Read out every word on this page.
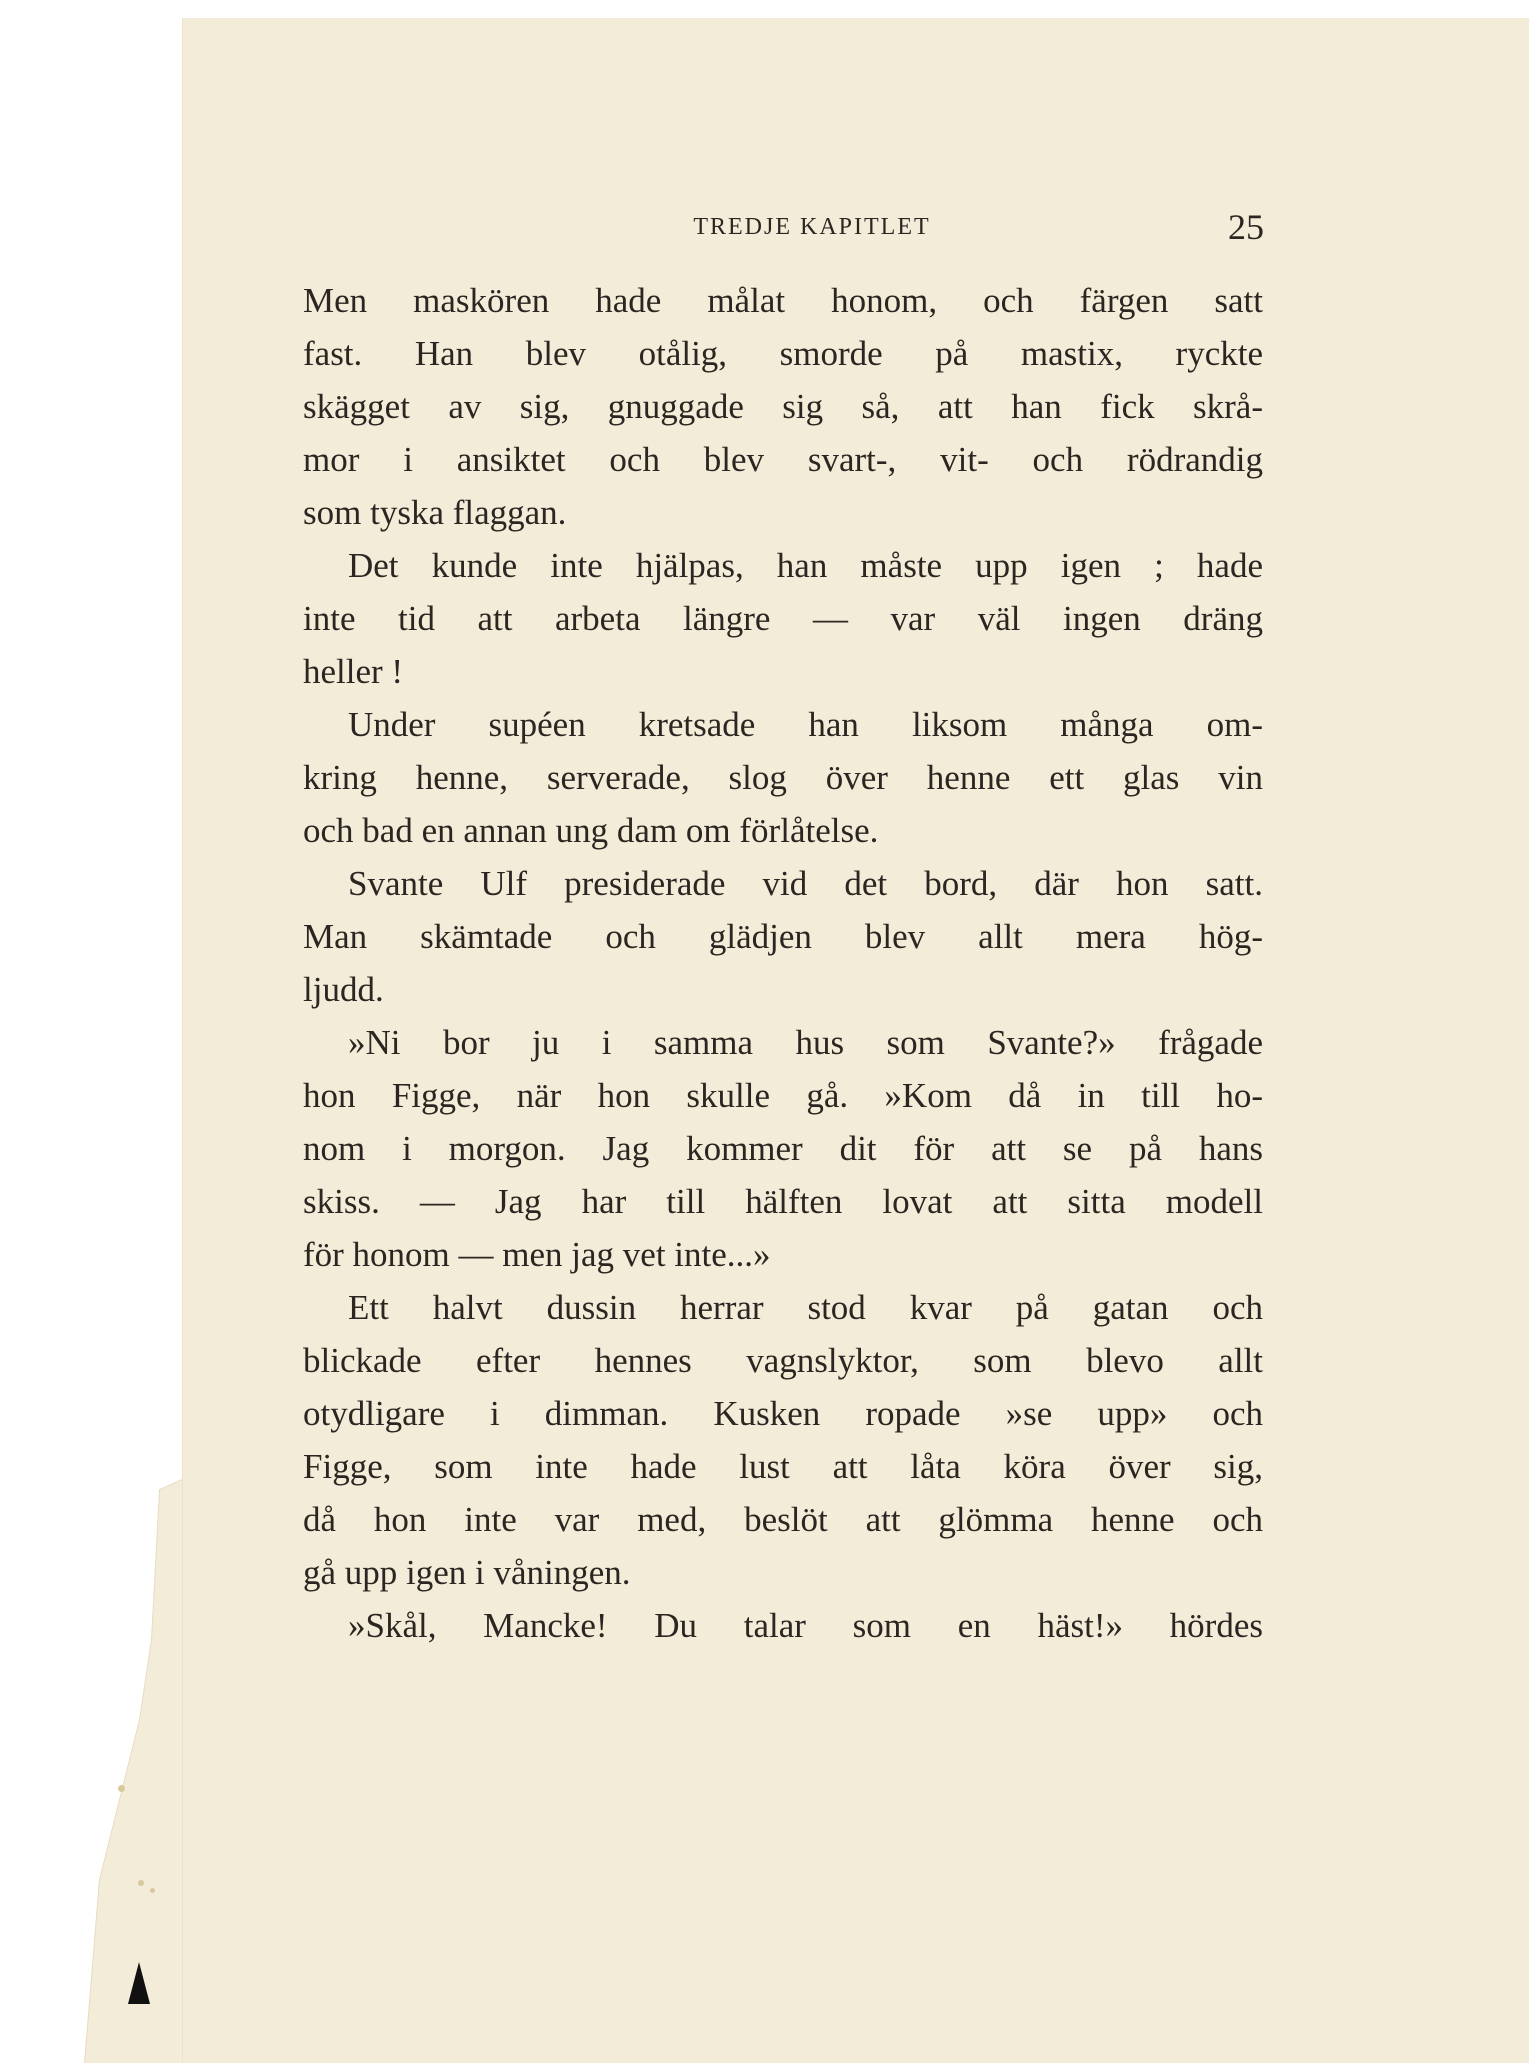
TREDJE KAPITLET	25
Men maskören hade målat honom, och färgen satt
fast. Han blev otålig, smorde på mastix, ryckte
skägget av sig, gnuggade sig så, att han fick skrå-
mor i ansiktet och blev svart-, vit- och rödrandig
som tyska flaggan.
Det kunde inte hjälpas, han måste upp igen ; hade
inte tid att arbeta längre — var väl ingen dräng
heller !
Under supéen kretsade han liksom många om-
kring henne, serverade, slog över henne ett glas vin
och bad en annan ung dam om förlåtelse.
Svante Ulf presiderade vid det bord, där hon satt.
Man skämtade och glädjen blev allt mera hög-
ljudd.
»Ni bor ju i samma hus som Svante?» frågade
hon Figge, när hon skulle gå. »Kom då in till ho-
nom i morgon. Jag kommer dit för att se på hans
skiss. — Jag har till hälften lovat att sitta modell
för honom — men jag vet inte...»
Ett halvt dussin herrar stod kvar på gatan och
blickade efter hennes vagnslyktor, som blevo allt
otydligare i dimman. Kusken ropade »se upp» och
Figge, som inte hade lust att låta köra över sig,
då hon inte var med, beslöt att glömma henne och
gå upp igen i våningen.
»Skål, Mancke! Du talar som en häst!» hördes
